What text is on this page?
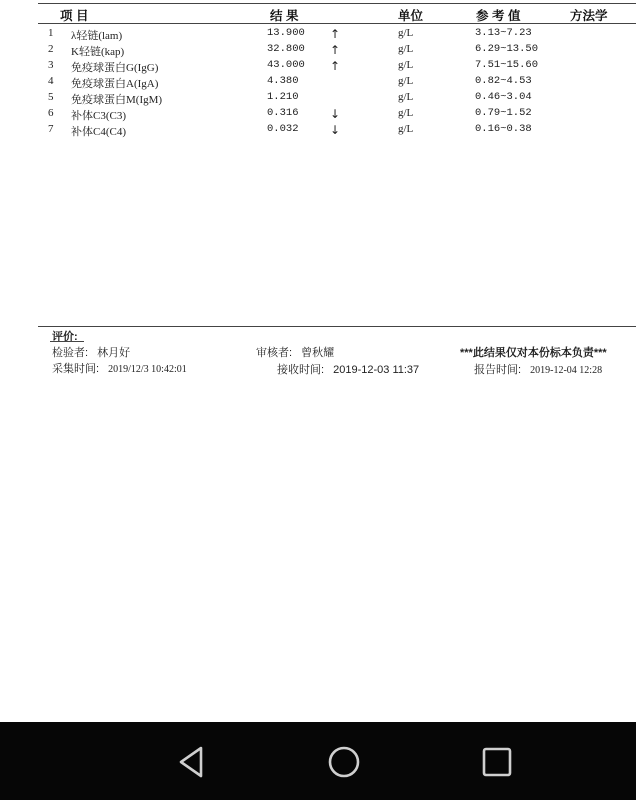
项 目	结 果	单位	参 考 值	方法学
1 λ轻链(lam)	13.900 ↑	g/L	3.13~7.23
2 K轻链(kap)	32.800 ↑	g/L	6.29~13.50
3 免疫球蛋白G(IgG)	43.000 ↑	g/L	7.51~15.60
4 免疫球蛋白A(IgA)	4.380	g/L	0.82~4.53
5 免疫球蛋白M(IgM)	1.210	g/L	0.46~3.04
6 补体C3(C3)	0.316	↓	g/L	0.79~1.52
7 补体C4(C4)	0.032	↓	g/L	0.16~0.38
评价:
检验者: 林月好	审核者: 曾秋耀	***此结果仅对本份标本负责***
采集时间: 2019/12/3 10:42:01	接收时间: 2019-12-03 11:37	报告时间: 2019-12-04 12:28
